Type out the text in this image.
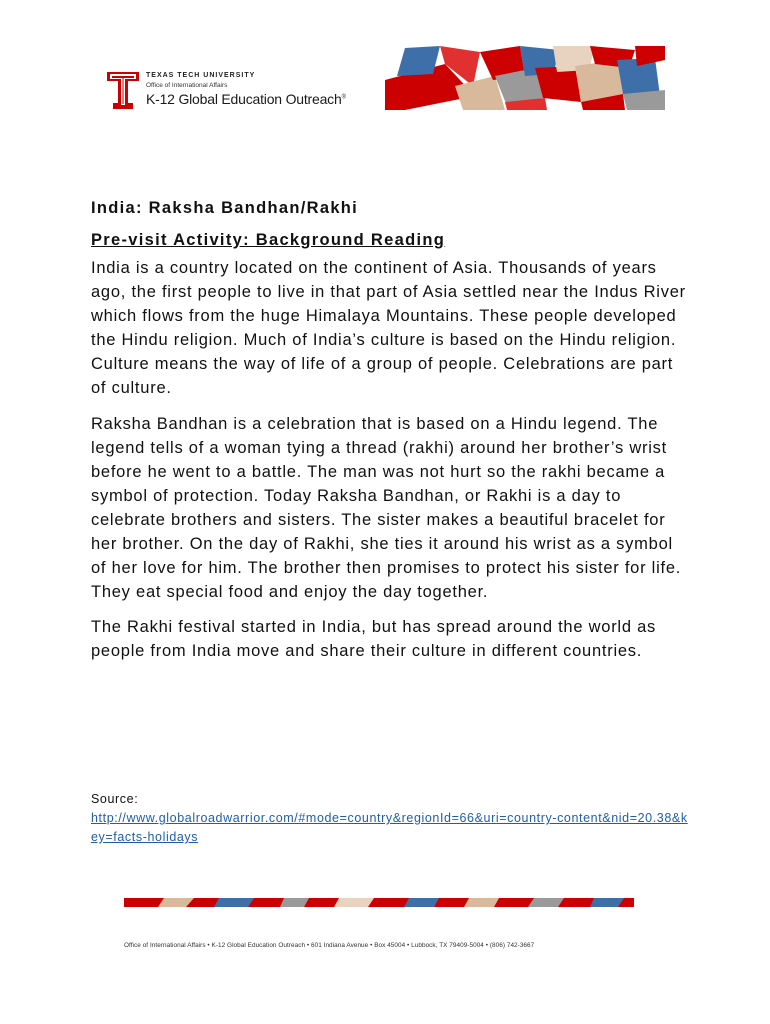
TEXAS TECH UNIVERSITY
Office of International Affairs
K-12 Global Education Outreach®
India: Raksha Bandhan/Rakhi
Pre-visit Activity: Background Reading

India is a country located on the continent of Asia. Thousands of years ago, the first people to live in that part of Asia settled near the Indus River which flows from the huge Himalaya Mountains. These people developed the Hindu religion. Much of India’s culture is based on the Hindu religion. Culture means the way of life of a group of people. Celebrations are part of culture.

Raksha Bandhan is a celebration that is based on a Hindu legend. The legend tells of a woman tying a thread (rakhi) around her brother’s wrist before he went to a battle. The man was not hurt so the rakhi became a symbol of protection. Today Raksha Bandhan, or Rakhi is a day to celebrate brothers and sisters. The sister makes a beautiful bracelet for her brother. On the day of Rakhi, she ties it around his wrist as a symbol of her love for him. The brother then promises to protect his sister for life. They eat special food and enjoy the day together.

The Rakhi festival started in India, but has spread around the world as people from India move and share their culture in different countries.

Source:
http://www.globalroadwarrior.com/#mode=country&regionId=66&uri=country-content&nid=20.38&key=facts-holidays
Office of International Affairs • K-12 Global Education Outreach • 601 Indiana Avenue • Box 45004 • Lubbock, TX 79409-5004 • (806) 742-3667
